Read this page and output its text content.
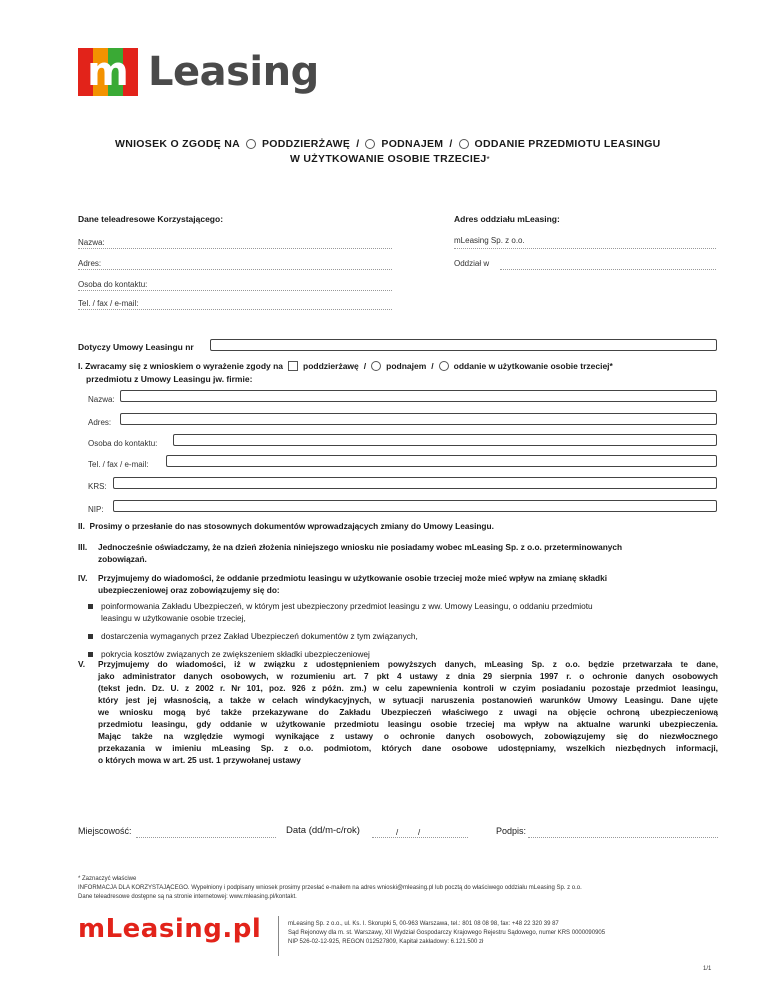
m Leasing
WNIOSEK O ZGODĘ NA PODDZIERŻAWĘ / PODNAJEM / ODDANIE PRZEDMIOTU LEASINGU
W UŻYTKOWANIE OSOBIE TRZECIEJ *
Dane teleadresowe Korzystającego:
Nazwa:
Adres:
Osoba do kontaktu:
Tel. / fax / e-mail:
Adres oddziału mLeasing:
mLeasing Sp. z o.o.
Oddział w
Dotyczy Umowy Leasingu nr
I. Zwracamy się z wnioskiem o wyrażenie zgody na poddzierżawę / podnajem / oddanie w użytkowanie osobie trzeciej*
przedmiotu z Umowy Leasingu jw. firmie:
Nazwa:
Adres:
Osoba do kontaktu:
Tel. / fax / e-mail:
KRS:
NIP:
II. Prosimy o przesłanie do nas stosownych dokumentów wprowadzających zmiany do Umowy Leasingu.
III. Jednocześnie oświadczamy, że na dzień złożenia niniejszego wniosku nie posiadamy wobec mLeasing Sp. z o.o. przeterminowanych
zobowiązań.
IV. Przyjmujemy do wiadomości, że oddanie przedmiotu leasingu w użytkowanie osobie trzeciej może mieć wpływ na zmianę składki
ubezpieczeniowej oraz zobowiązujemy się do:
poinformowania Zakładu Ubezpieczeń, w którym jest ubezpieczony przedmiot leasingu z ww. Umowy Leasingu, o oddaniu przedmiotu
leasingu w użytkowanie osobie trzeciej,
dostarczenia wymaganych przez Zakład Ubezpieczeń dokumentów z tym związanych,
pokrycia kosztów związanych ze zwiększeniem składki ubezpieczeniowej
V. Przyjmujemy do wiadomości, iż w związku z udostępnieniem powyższych danych, mLeasing Sp. z o.o. będzie przetwarzała te dane,
jako administrator danych osobowych, w rozumieniu art. 7 pkt 4 ustawy z dnia 29 sierpnia 1997 r. o ochronie danych osobowych
(tekst jedn. Dz. U. z 2002 r. Nr 101, poz. 926 z późn. zm.) w celu zapewnienia kontroli w czyim posiadaniu pozostaje przedmiot leasingu,
który jest jej własnością, a także w celach windykacyjnych, w sytuacji naruszenia postanowień warunków Umowy Leasingu. Dane ujęte
we wniosku mogą być także przekazywane do Zakładu Ubezpieczeń właściwego z uwagi na objęcie ochroną ubezpieczeniową
przedmiotu leasingu, gdy oddanie w użytkowanie przedmiotu leasingu osobie trzeciej ma wpływ na aktualne warunki ubezpieczenia.
Mając także na względzie wymogi wynikające z ustawy o ochronie danych osobowych, zobowiązujemy się do niezwłocznego
przekazania w imieniu mLeasing Sp. z o.o. podmiotom, których dane osobowe udostępniamy, wszelkich niezbędnych informacji,
o których mowa w art. 25 ust. 1 przywołanej ustawy
Miejscowość:	Data (dd/m-c/rok)	/ /	Podpis:
* Zaznaczyć właściwe
INFORMACJA DLA KORZYSTAJĄCEGO. Wypełniony i podpisany wniosek prosimy przesłać e-mailem na adres wnioski@mleasing.pl lub pocztą do właściwego oddziału mLeasing Sp. z o.o.
Dane teleadresowe dostępne są na stronie internetowej: www.mleasing.pl/kontakt.
mLeasing.pl	mLeasing Sp. z o.o., ul. Ks. I. Skorupki 5, 00-963 Warszawa, tel.: 801 08 08 98, fax: +48 22 320 39 87
Sąd Rejonowy dla m. st. Warszawy, XII Wydział Gospodarczy Krajowego Rejestru Sądowego, numer KRS 0000090905
NIP 526-02-12-925, REGON 012527809, Kapitał zakładowy: 6.121.500 zł
1/1
